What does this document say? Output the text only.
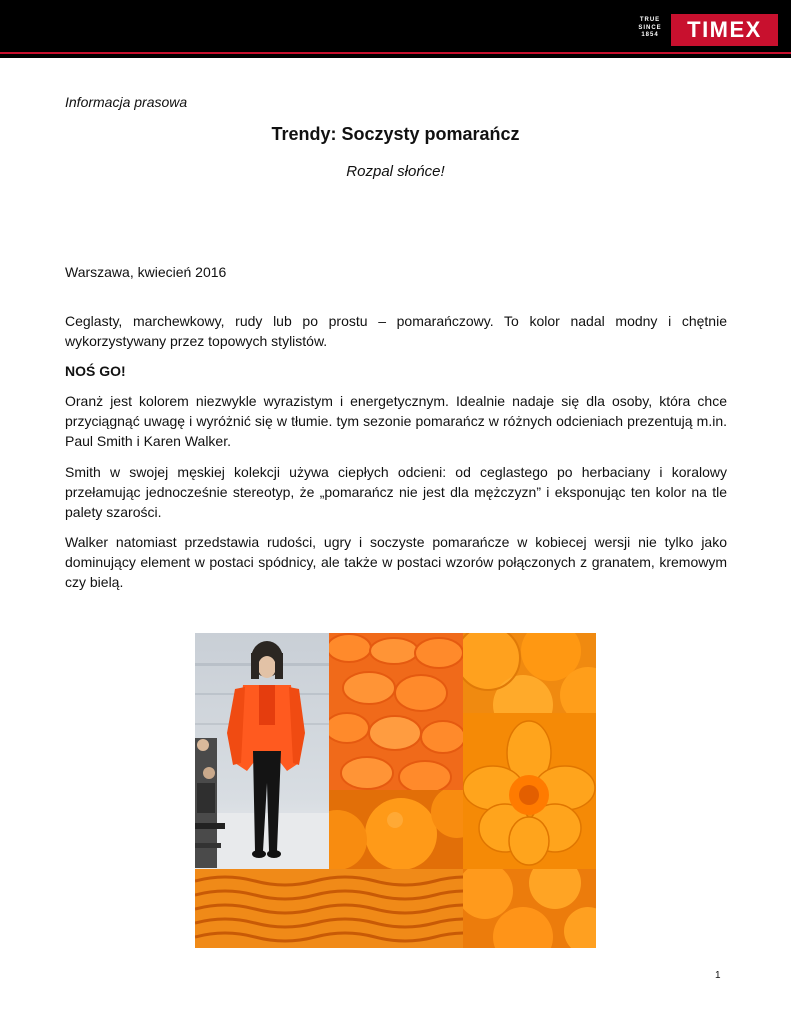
TRUE
SINCE
1854	TIMEX

Informacja prasowa

Trendy: Soczysty pomarańcz
Rozpal słońce!

Warszawa, kwiecień 2016

Ceglasty, marchewkowy, rudy lub po prostu – pomarańczowy. To kolor nadal modny i chętnie wykorzystywany przez topowych stylistów.

NOŚ GO!

Oranż jest kolorem niezwykle wyrazistym i energetycznym. Idealnie nadaje się dla osoby, która chce przyciągnąć uwagę i wyróżnić się w tłumie. tym sezonie pomarańcz w różnych odcieniach prezentują m.in. Paul Smith i Karen Walker.

Smith w swojej męskiej kolekcji używa ciepłych odcieni: od ceglastego po herbaciany i koralowy przełamując jednocześnie stereotyp, że „pomarańcz nie jest dla mężczyzn” i eksponując ten kolor na tle palety szarości.

Walker natomiast przedstawia rudości, ugry i soczyste pomarańcze w kobiecej wersji nie tylko jako dominujący element w postaci spódnicy, ale także w postaci wzorów połączonych z granatem, kremowym czy bielą.

1
